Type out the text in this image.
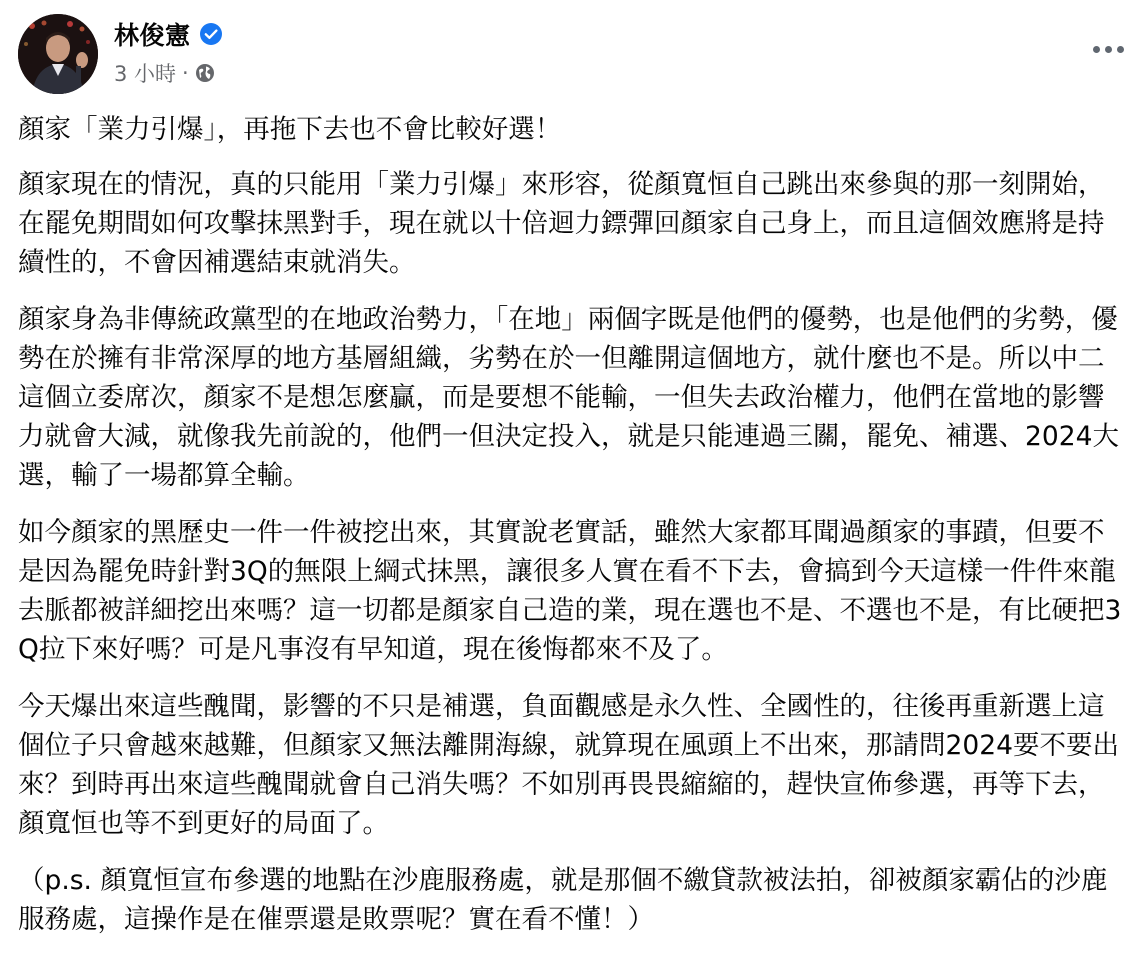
林俊憲
3 小時 ·

顏家「業力引爆」，再拖下去也不會比較好選！

顏家現在的情況，真的只能用「業力引爆」來形容，從顏寬恒自己跳出來參與的那一刻開始，在罷免期間如何攻擊抹黑對手，現在就以十倍迴力鏢彈回顏家自己身上，而且這個效應將是持續性的，不會因補選結束就消失。

顏家身為非傳統政黨型的在地政治勢力，「在地」兩個字既是他們的優勢，也是他們的劣勢，優勢在於擁有非常深厚的地方基層組織，劣勢在於一但離開這個地方，就什麼也不是。所以中二這個立委席次，顏家不是想怎麼贏，而是要想不能輸，一但失去政治權力，他們在當地的影響力就會大減，就像我先前說的，他們一但決定投入，就是只能連過三關，罷免、補選、2024大選，輸了一場都算全輸。

如今顏家的黑歷史一件一件被挖出來，其實說老實話，雖然大家都耳聞過顏家的事蹟，但要不是因為罷免時針對3Q的無限上綱式抹黑，讓很多人實在看不下去，會搞到今天這樣一件件來龍去脈都被詳細挖出來嗎？這一切都是顏家自己造的業，現在選也不是、不選也不是，有比硬把3Q拉下來好嗎？可是凡事沒有早知道，現在後悔都來不及了。

今天爆出來這些醜聞，影響的不只是補選，負面觀感是永久性、全國性的，往後再重新選上這個位子只會越來越難，但顏家又無法離開海線，就算現在風頭上不出來，那請問2024要不要出來？到時再出來這些醜聞就會自己消失嗎？不如別再畏畏縮縮的，趕快宣佈參選，再等下去，顏寬恒也等不到更好的局面了。

（p.s. 顏寬恒宣布參選的地點在沙鹿服務處，就是那個不繳貸款被法拍，卻被顏家霸佔的沙鹿服務處，這操作是在催票還是敗票呢？實在看不懂！）
